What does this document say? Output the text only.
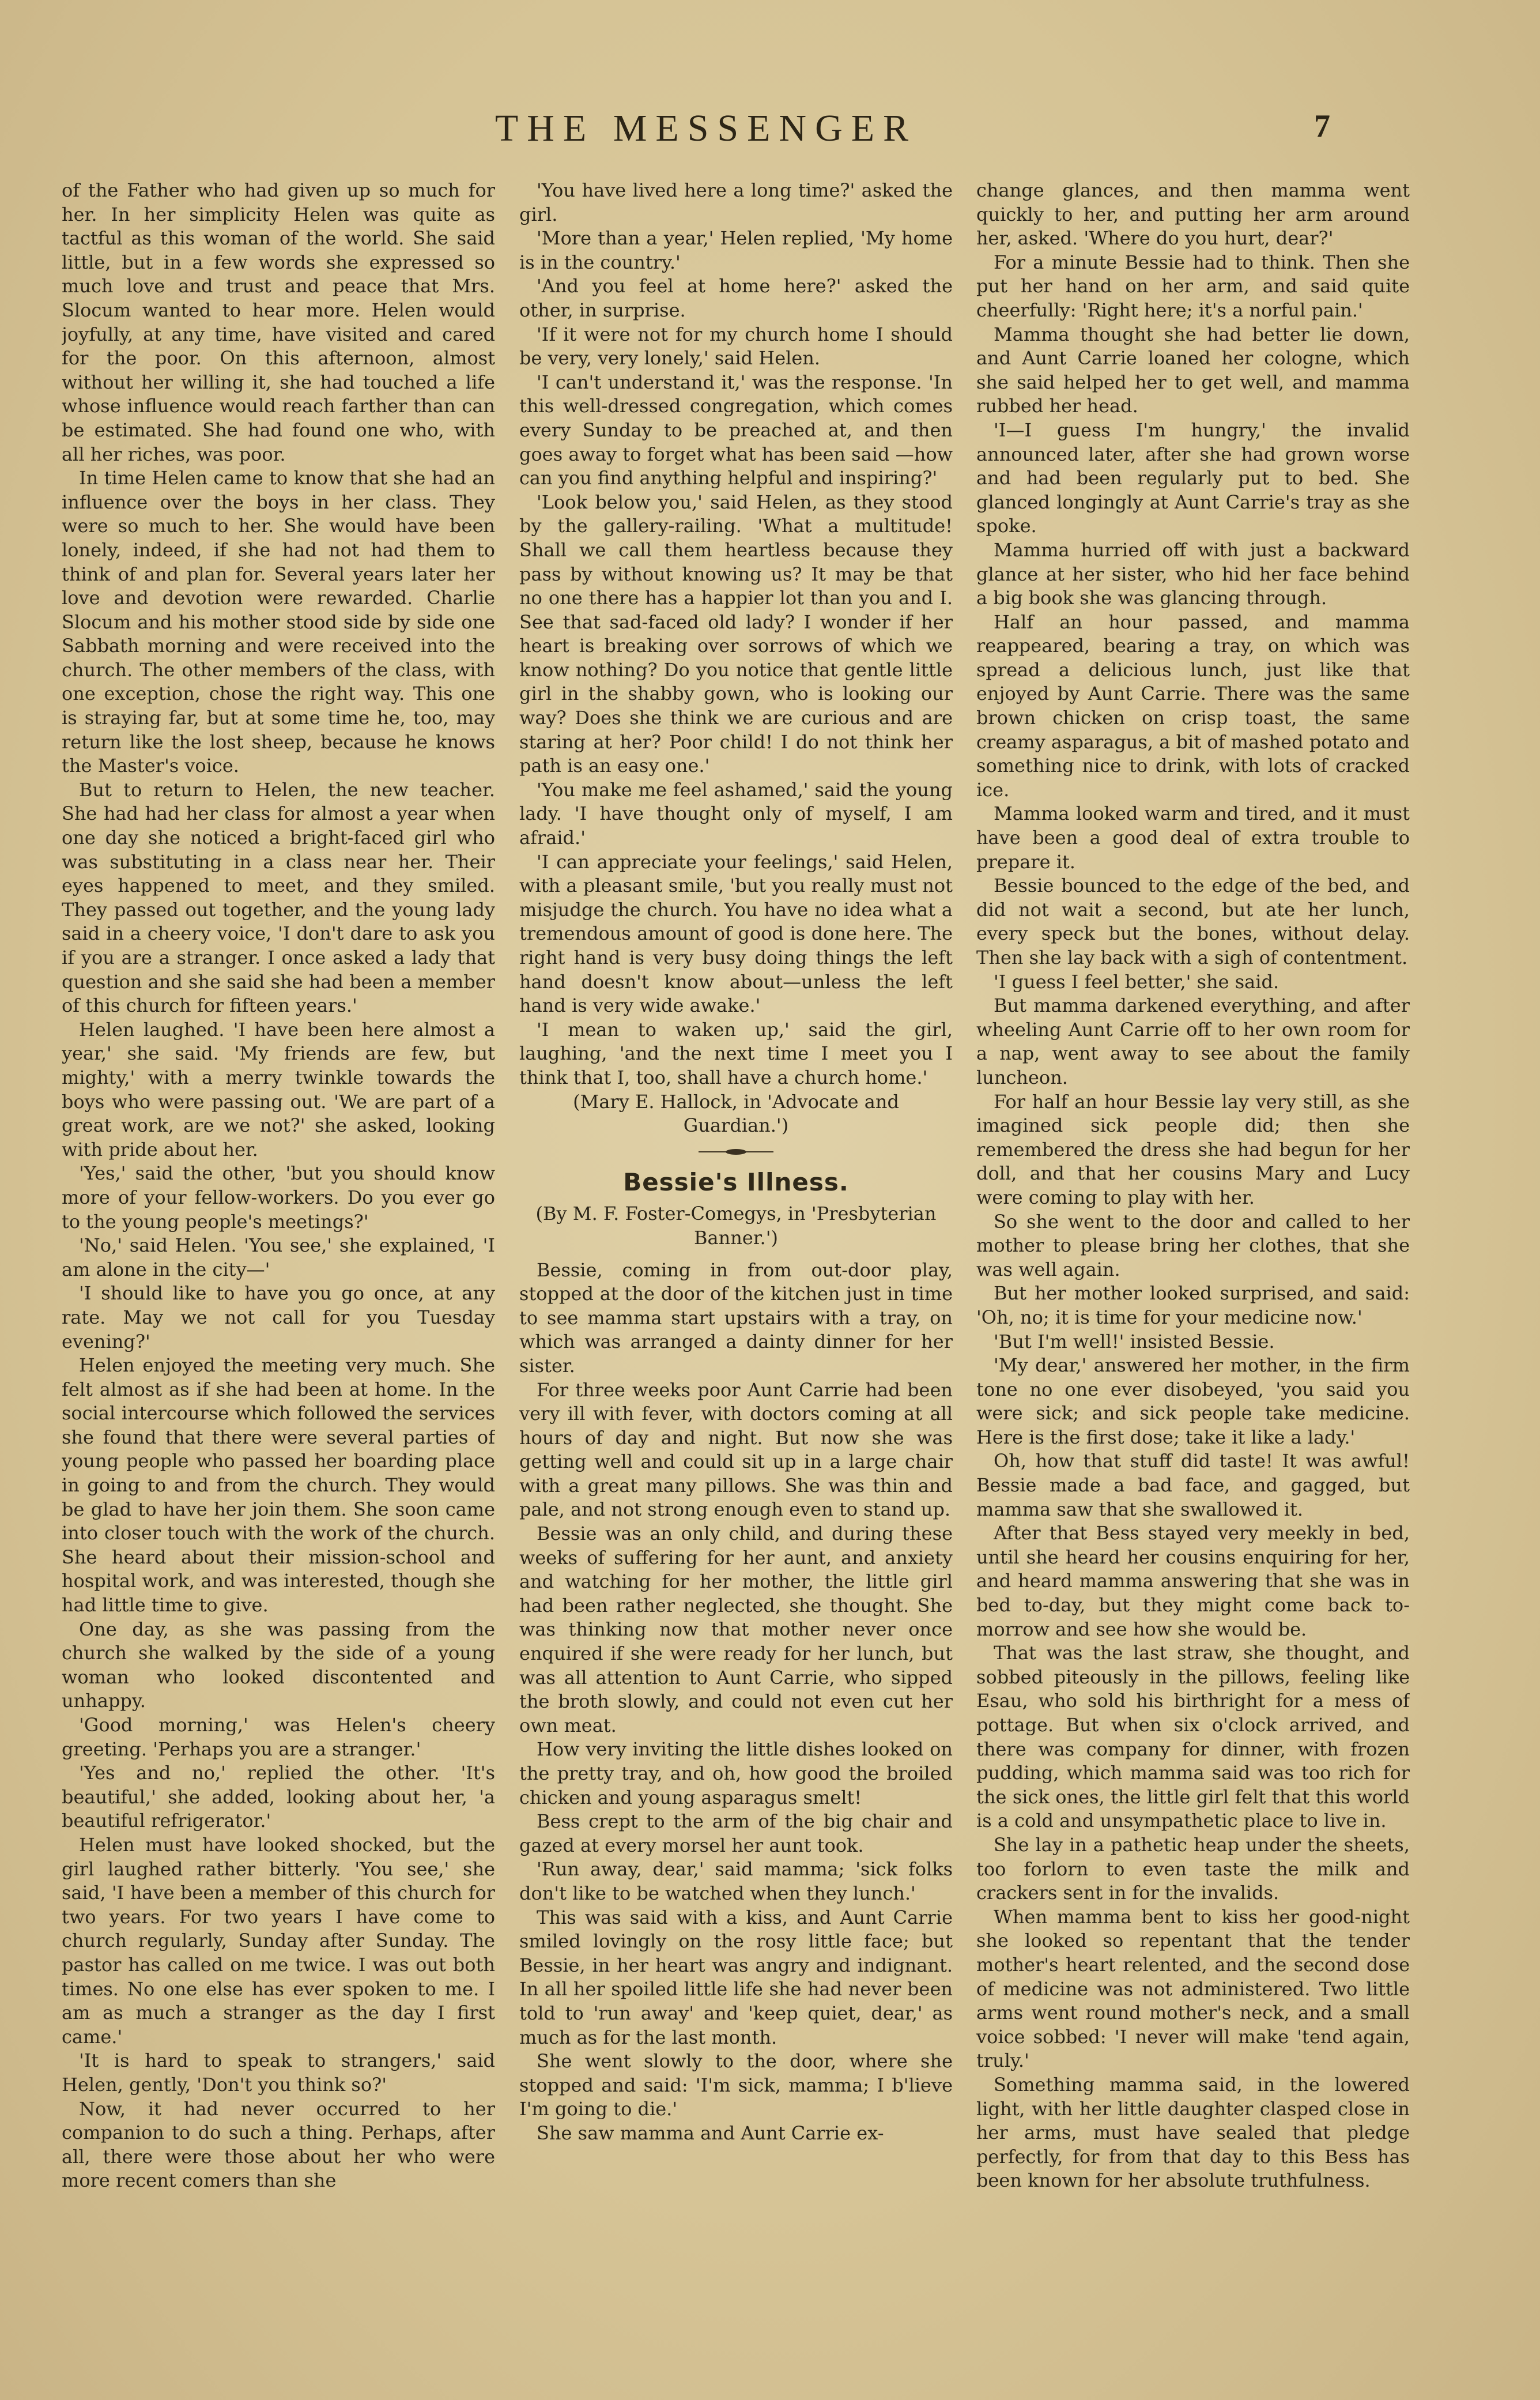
THE MESSENGER	7

of the Father who had given up so much for her. In her simplicity Helen was quite as tactful as this woman of the world. She said little, but in a few words she expressed so much love and trust and peace that Mrs. Slocum wanted to hear more. Helen would joyfully, at any time, have visited and cared for the poor. On this afternoon, almost without her willing it, she had touched a life whose influence would reach farther than can be estimated. She had found one who, with all her riches, was poor.

In time Helen came to know that she had an influence over the boys in her class. They were so much to her. She would have been lonely, indeed, if she had not had them to think of and plan for. Several years later her love and devotion were rewarded. Charlie Slocum and his mother stood side by side one Sabbath morning and were received into the church. The other members of the class, with one exception, chose the right way. This one is straying far, but at some time he, too, may return like the lost sheep, because he knows the Master's voice.

But to return to Helen, the new teacher. She had had her class for almost a year when one day she noticed a bright-faced girl who was substituting in a class near her. Their eyes happened to meet, and they smiled. They passed out together, and the young lady said in a cheery voice, 'I don't dare to ask you if you are a stranger. I once asked a lady that question and she said she had been a member of this church for fifteen years.'

Helen laughed. 'I have been here almost a year,' she said. 'My friends are few, but mighty,' with a merry twinkle towards the boys who were passing out. 'We are part of a great work, are we not?' she asked, looking with pride about her.

'Yes,' said the other, 'but you should know more of your fellow-workers. Do you ever go to the young people's meetings?'

'No,' said Helen. 'You see,' she explained, 'I am alone in the city—'

'I should like to have you go once, at any rate. May we not call for you Tuesday evening?'

Helen enjoyed the meeting very much. She felt almost as if she had been at home. In the social intercourse which followed the services she found that there were several parties of young people who passed her boarding place in going to and from the church. They would be glad to have her join them. She soon came into closer touch with the work of the church. She heard about their mission-school and hospital work, and was interested, though she had little time to give.

One day, as she was passing from the church she walked by the side of a young woman who looked discontented and unhappy.

'Good morning,' was Helen's cheery greeting. 'Perhaps you are a stranger.'

'Yes and no,' replied the other. 'It's beautiful,' she added, looking about her, 'a beautiful refrigerator.'

Helen must have looked shocked, but the girl laughed rather bitterly. 'You see,' she said, 'I have been a member of this church for two years. For two years I have come to church regularly, Sunday after Sunday. The pastor has called on me twice. I was out both times. No one else has ever spoken to me. I am as much a stranger as the day I first came.'

'It is hard to speak to strangers,' said Helen, gently, 'Don't you think so?'

Now, it had never occurred to her companion to do such a thing. Perhaps, after all, there were those about her who were more recent comers than she

'You have lived here a long time?' asked the girl.

'More than a year,' Helen replied, 'My home is in the country.'

'And you feel at home here?' asked the other, in surprise.

'If it were not for my church home I should be very, very lonely,' said Helen.

'I can't understand it,' was the response. 'In this well-dressed congregation, which comes every Sunday to be preached at, and then goes away to forget what has been said —how can you find anything helpful and inspiring?'

'Look below you,' said Helen, as they stood by the gallery-railing. 'What a multitude! Shall we call them heartless because they pass by without knowing us? It may be that no one there has a happier lot than you and I. See that sad-faced old lady? I wonder if her heart is breaking over sorrows of which we know nothing? Do you notice that gentle little girl in the shabby gown, who is looking our way? Does she think we are curious and are staring at her? Poor child! I do not think her path is an easy one.'

'You make me feel ashamed,' said the young lady. 'I have thought only of myself, I am afraid.'

'I can appreciate your feelings,' said Helen, with a pleasant smile, 'but you really must not misjudge the church. You have no idea what a tremendous amount of good is done here. The right hand is very busy doing things the left hand doesn't know about—unless the left hand is very wide awake.'

'I mean to waken up,' said the girl, laughing, 'and the next time I meet you I think that I, too, shall have a church home.'

(Mary E. Hallock, in 'Advocate and Guardian.')

Bessie's Illness.

(By M. F. Foster-Comegys, in 'Presbyterian Banner.')

Bessie, coming in from out-door play, stopped at the door of the kitchen just in time to see mamma start upstairs with a tray, on which was arranged a dainty dinner for her sister.

For three weeks poor Aunt Carrie had been very ill with fever, with doctors coming at all hours of day and night. But now she was getting well and could sit up in a large chair with a great many pillows. She was thin and pale, and not strong enough even to stand up.

Bessie was an only child, and during these weeks of suffering for her aunt, and anxiety and watching for her mother, the little girl had been rather neglected, she thought. She was thinking now that mother never once enquired if she were ready for her lunch, but was all attention to Aunt Carrie, who sipped the broth slowly, and could not even cut her own meat.

How very inviting the little dishes looked on the pretty tray, and oh, how good the broiled chicken and young asparagus smelt!

Bess crept to the arm of the big chair and gazed at every morsel her aunt took.

'Run away, dear,' said mamma; 'sick folks don't like to be watched when they lunch.'

This was said with a kiss, and Aunt Carrie smiled lovingly on the rosy little face; but Bessie, in her heart was angry and indignant. In all her spoiled little life she had never been told to 'run away' and 'keep quiet, dear,' as much as for the last month.

She went slowly to the door, where she stopped and said: 'I'm sick, mamma; I b'lieve I'm going to die.'

She saw mamma and Aunt Carrie ex-

change glances, and then mamma went quickly to her, and putting her arm around her, asked. 'Where do you hurt, dear?'

For a minute Bessie had to think. Then she put her hand on her arm, and said quite cheerfully: 'Right here; it's a norful pain.'

Mamma thought she had better lie down, and Aunt Carrie loaned her cologne, which she said helped her to get well, and mamma rubbed her head.

'I—I guess I'm hungry,' the invalid announced later, after she had grown worse and had been regularly put to bed. She glanced longingly at Aunt Carrie's tray as she spoke.

Mamma hurried off with just a backward glance at her sister, who hid her face behind a big book she was glancing through.

Half an hour passed, and mamma reappeared, bearing a tray, on which was spread a delicious lunch, just like that enjoyed by Aunt Carrie. There was the same brown chicken on crisp toast, the same creamy asparagus, a bit of mashed potato and something nice to drink, with lots of cracked ice.

Mamma looked warm and tired, and it must have been a good deal of extra trouble to prepare it.

Bessie bounced to the edge of the bed, and did not wait a second, but ate her lunch, every speck but the bones, without delay. Then she lay back with a sigh of contentment.

'I guess I feel better,' she said.

But mamma darkened everything, and after wheeling Aunt Carrie off to her own room for a nap, went away to see about the family luncheon.

For half an hour Bessie lay very still, as she imagined sick people did; then she remembered the dress she had begun for her doll, and that her cousins Mary and Lucy were coming to play with her.

So she went to the door and called to her mother to please bring her clothes, that she was well again.

But her mother looked surprised, and said: 'Oh, no; it is time for your medicine now.'

'But I'm well!' insisted Bessie.

'My dear,' answered her mother, in the firm tone no one ever disobeyed, 'you said you were sick; and sick people take medicine. Here is the first dose; take it like a lady.'

Oh, how that stuff did taste! It was awful! Bessie made a bad face, and gagged, but mamma saw that she swallowed it.

After that Bess stayed very meekly in bed, until she heard her cousins enquiring for her, and heard mamma answering that she was in bed to-day, but they might come back to-morrow and see how she would be.

That was the last straw, she thought, and sobbed piteously in the pillows, feeling like Esau, who sold his birthright for a mess of pottage. But when six o'clock arrived, and there was company for dinner, with frozen pudding, which mamma said was too rich for the sick ones, the little girl felt that this world is a cold and unsympathetic place to live in.

She lay in a pathetic heap under the sheets, too forlorn to even taste the milk and crackers sent in for the invalids.

When mamma bent to kiss her good-night she looked so repentant that the tender mother's heart relented, and the second dose of medicine was not administered. Two little arms went round mother's neck, and a small voice sobbed: 'I never will make 'tend again, truly.'

Something mamma said, in the lowered light, with her little daughter clasped close in her arms, must have sealed that pledge perfectly, for from that day to this Bess has been known for her absolute truthfulness.
